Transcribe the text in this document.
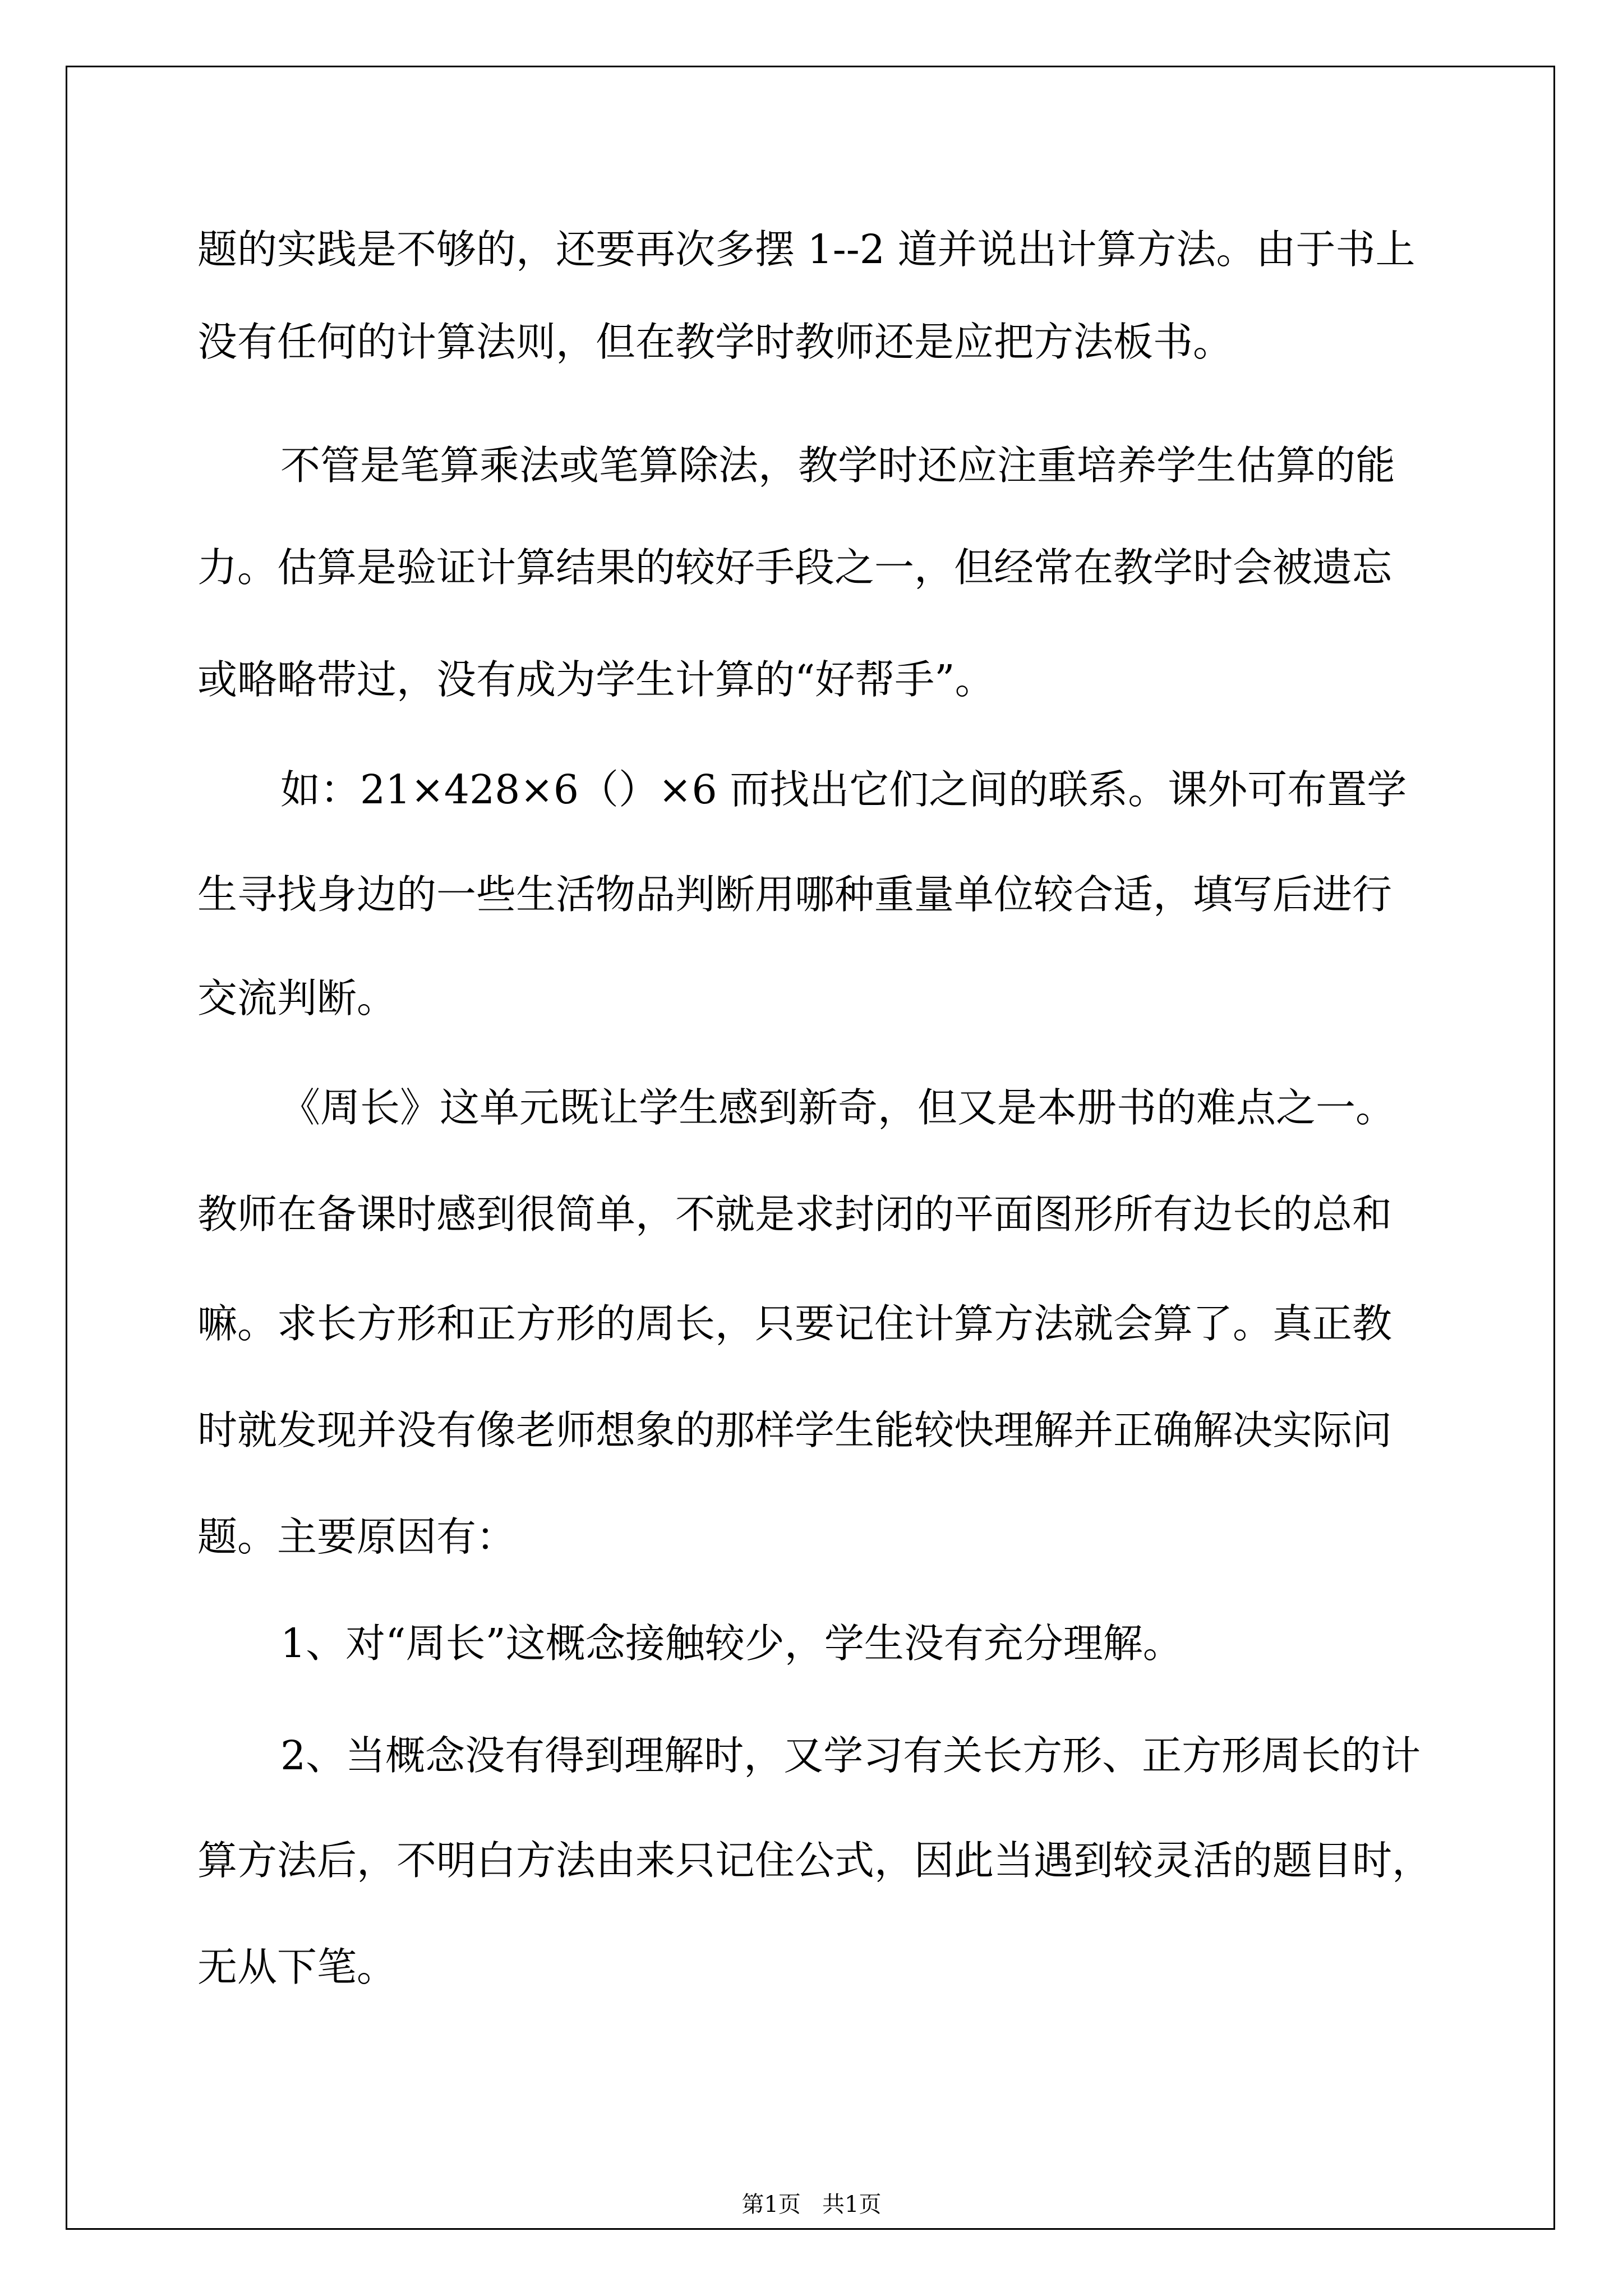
题的实践是不够的，还要再次多摆 1--2 道并说出计算方法。由于书上

没有任何的计算法则，但在教学时教师还是应把方法板书。

不管是笔算乘法或笔算除法，教学时还应注重培养学生估算的能

力。估算是验证计算结果的较好手段之一，但经常在教学时会被遗忘

或略略带过，没有成为学生计算的“好帮手”。

如：21×428×6（）×6 而找出它们之间的联系。课外可布置学

生寻找身边的一些生活物品判断用哪种重量单位较合适，填写后进行

交流判断。

《周长》这单元既让学生感到新奇，但又是本册书的难点之一。

教师在备课时感到很简单，不就是求封闭的平面图形所有边长的总和

嘛。求长方形和正方形的周长，只要记住计算方法就会算了。真正教

时就发现并没有像老师想象的那样学生能较快理解并正确解决实际问

题。主要原因有：

1、对“周长”这概念接触较少，学生没有充分理解。

2、当概念没有得到理解时，又学习有关长方形、正方形周长的计

算方法后，不明白方法由来只记住公式，因此当遇到较灵活的题目时，

无从下笔。

第1页   共1页
